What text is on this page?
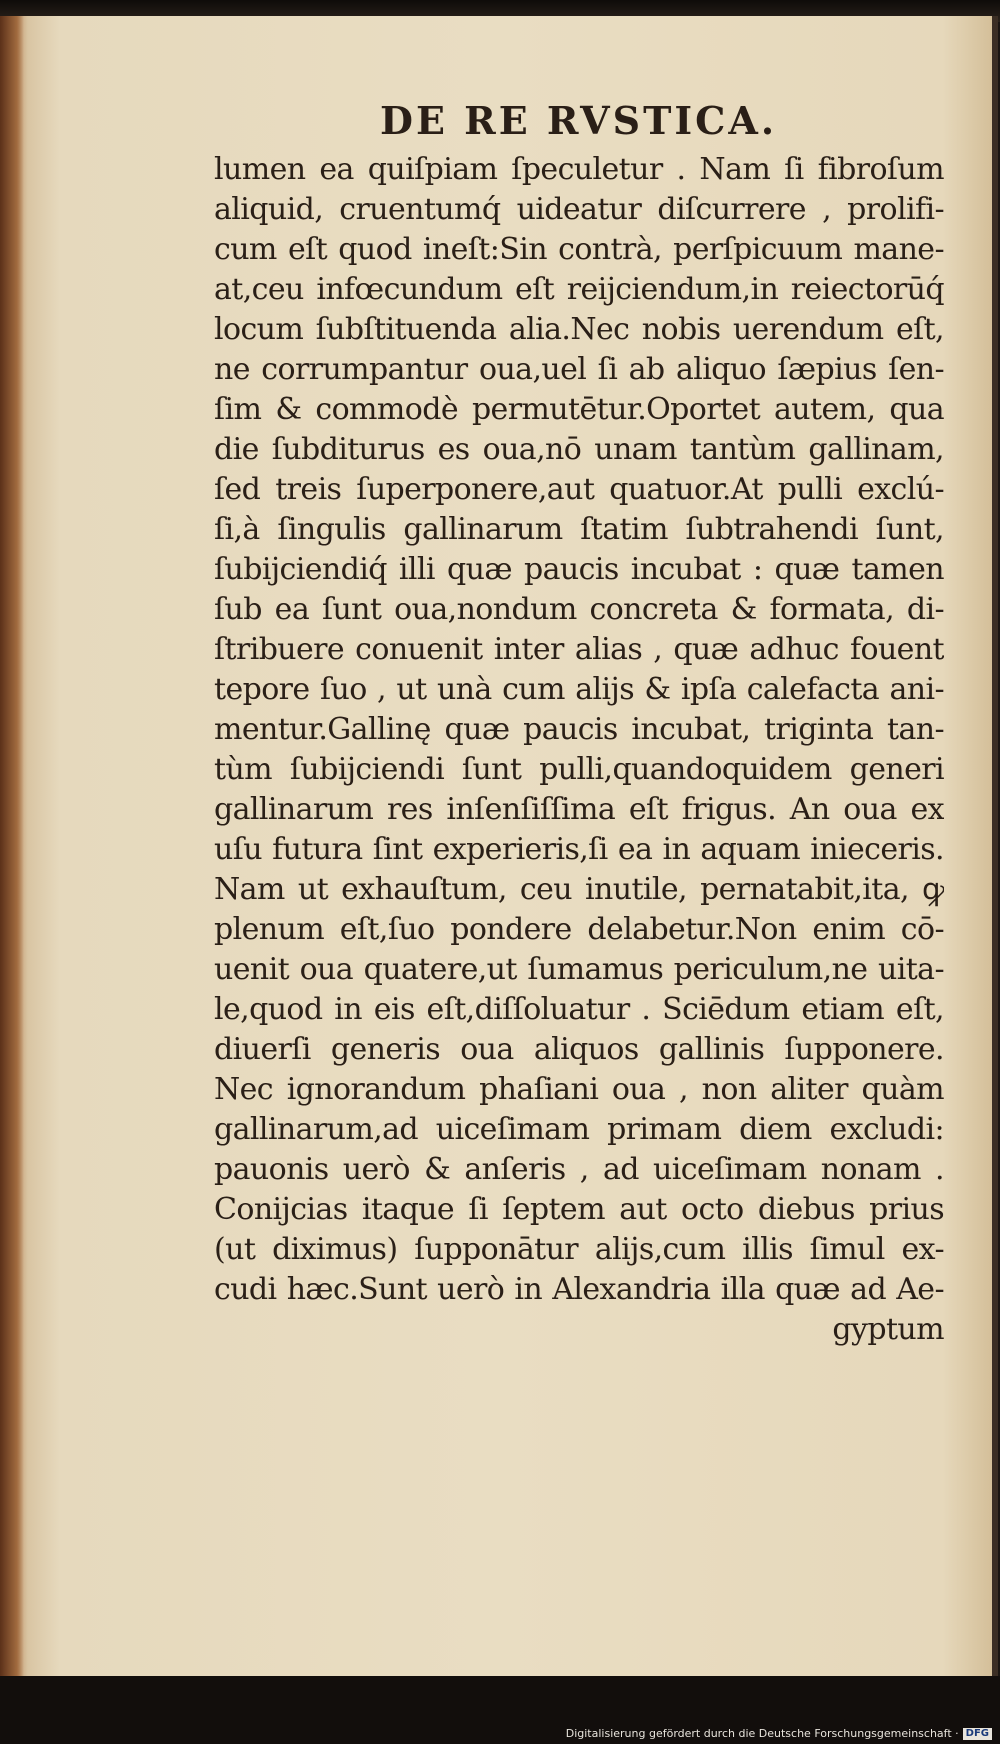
DE RE RVSTICA.
lumen ea quiſpiam ſpeculetur . Nam ſi fibroſum
aliquid, cruentumq́ uideatur diſcurrere , prolifi-
cum eſt quod ineſt:Sin contrà, perſpicuum mane-
at,ceu infœcundum eſt reijciendum,in reiectorūq́
locum ſubſtituenda alia.Nec nobis uerendum eſt,
ne corrumpantur oua,uel ſi ab aliquo ſæpius ſen-
ſim & commodè permutētur.Oportet autem, qua
die ſubditurus es oua,nō unam tantùm gallinam,
ſed treis ſuperponere,aut quatuor.At pulli exclú-
ſi,à ſingulis gallinarum ſtatim ſubtrahendi ſunt,
ſubijciendiq́ illi quæ paucis incubat : quæ tamen
ſub ea ſunt oua,nondum concreta & formata, di-
ſtribuere conuenit inter alias , quæ adhuc fouent
tepore ſuo , ut unà cum alijs & ipſa calefacta ani-
mentur.Gallinę quæ paucis incubat, triginta tan-
tùm ſubijciendi ſunt pulli,quandoquidem generi
gallinarum res inſenſiſſima eſt frigus. An oua ex
uſu futura ſint experieris,ſi ea in aquam inieceris.
Nam ut exhauſtum, ceu inutile, pernatabit,ita, ꝙ
plenum eſt,ſuo pondere delabetur.Non enim cō-
uenit oua quatere,ut ſumamus periculum,ne uita-
le,quod in eis eſt,diſſoluatur . Sciēdum etiam eſt,
diuerſi generis oua aliquos gallinis ſupponere.
Nec ignorandum phaſiani oua , non aliter quàm
gallinarum,ad uiceſimam primam diem excludi:
pauonis uerò & anſeris , ad uiceſimam nonam .
Conijcias itaque ſi ſeptem aut octo diebus prius
(ut diximus) ſupponātur alijs,cum illis ſimul ex-
cudi hæc.Sunt uerò in Alexandria illa quæ ad Ae-
gyptum
Digitalisierung gefördert durch die Deutsche Forschungsgemeinschaft · DFG
